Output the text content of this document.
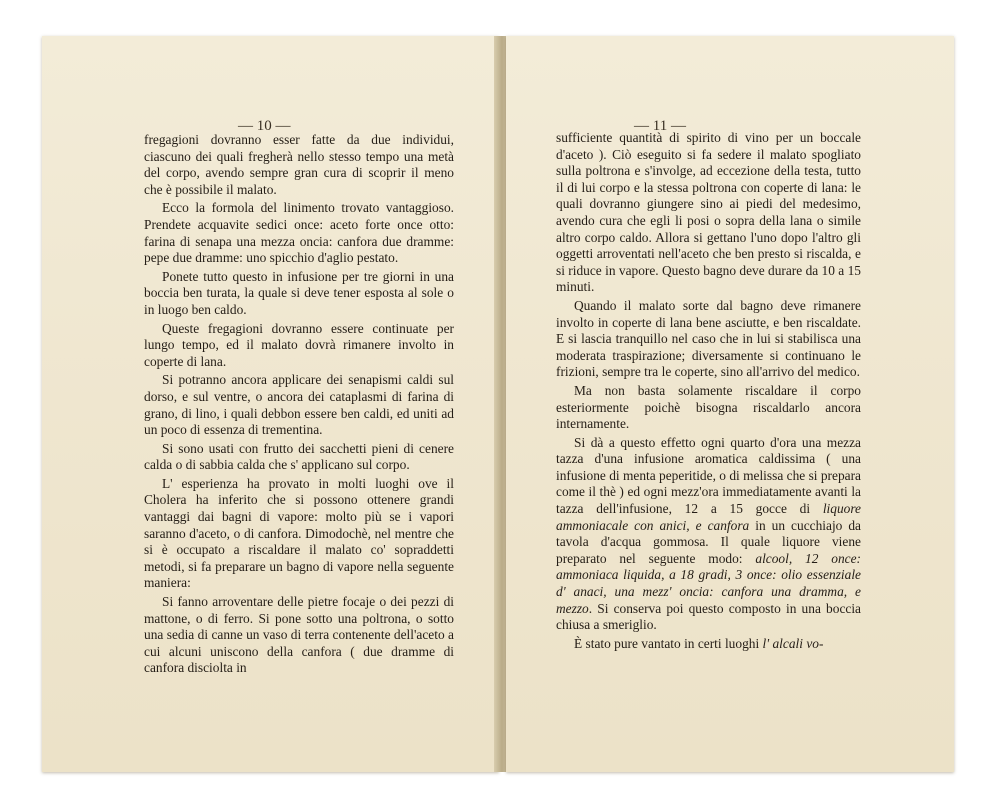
— 10 —

fregagioni dovranno esser fatte da due individui, ciascuno dei quali fregherà nello stesso tempo una metà del corpo, avendo sempre gran cura di scoprir il meno che è possibile il malato.

Ecco la formola del linimento trovato vantaggioso. Prendete acquavite sedici once: aceto forte once otto: farina di senapa una mezza oncia: canfora due dramme: pepe due dramme: uno spicchio d'aglio pestato.

Ponete tutto questo in infusione per tre giorni in una boccia ben turata, la quale si deve tener esposta al sole o in luogo ben caldo.

Queste fregagioni dovranno essere continuate per lungo tempo, ed il malato dovrà rimanere involto in coperte di lana.

Si potranno ancora applicare dei senapismi caldi sul dorso, e sul ventre, o ancora dei cataplasmi di farina di grano, di lino, i quali debbon essere ben caldi, ed uniti ad un poco di essenza di trementina.

Si sono usati con frutto dei sacchetti pieni di cenere calda o di sabbia calda che s' applicano sul corpo.

L' esperienza ha provato in molti luoghi ove il Cholera ha inferito che si possono ottenere grandi vantaggi dai bagni di vapore: molto più se i vapori saranno d'aceto, o di canfora. Dimodochè, nel mentre che si è occupato a riscaldare il malato co' sopraddetti metodi, si fa preparare un bagno di vapore nella seguente maniera:

Si fanno arroventare delle pietre focaje o dei pezzi di mattone, o di ferro. Si pone sotto una poltrona, o sotto una sedia di canne un vaso di terra contenente dell'aceto a cui alcuni uniscono della canfora ( due dramme di canfora disciolta in

— 11 —

sufficiente quantità di spirito di vino per un boccale d'aceto ). Ciò eseguito si fa sedere il malato spogliato sulla poltrona e s'involge, ad eccezione della testa, tutto il di lui corpo e la stessa poltrona con coperte di lana: le quali dovranno giungere sino ai piedi del medesimo, avendo cura che egli li posi o sopra della lana o simile altro corpo caldo. Allora si gettano l'uno dopo l'altro gli oggetti arroventati nell'aceto che ben presto si riscalda, e si riduce in vapore. Questo bagno deve durare da 10 a 15 minuti.

Quando il malato sorte dal bagno deve rimanere involto in coperte di lana bene asciutte, e ben riscaldate. E si lascia tranquillo nel caso che in lui si stabilisca una moderata traspirazione; diversamente si continuano le frizioni, sempre tra le coperte, sino all'arrivo del medico.

Ma non basta solamente riscaldare il corpo esteriormente poichè bisogna riscaldarlo ancora internamente.

Si dà a questo effetto ogni quarto d'ora una mezza tazza d'una infusione aromatica caldissima ( una infusione di menta peperitide, o di melissa che si prepara come il thè ) ed ogni mezz'ora immediatamente avanti la tazza dell'infusione, 12 a 15 gocce di liquore ammoniacale con anici, e canfora in un cucchiajo da tavola d'acqua gommosa. Il quale liquore viene preparato nel seguente modo: alcool, 12 once: ammoniaca liquida, a 18 gradi, 3 once: olio essenziale d' anaci, una mezz' oncia: canfora una dramma, e mezzo. Si conserva poi questo composto in una boccia chiusa a smeriglio.

È stato pure vantato in certi luoghi l' alcali vo-
